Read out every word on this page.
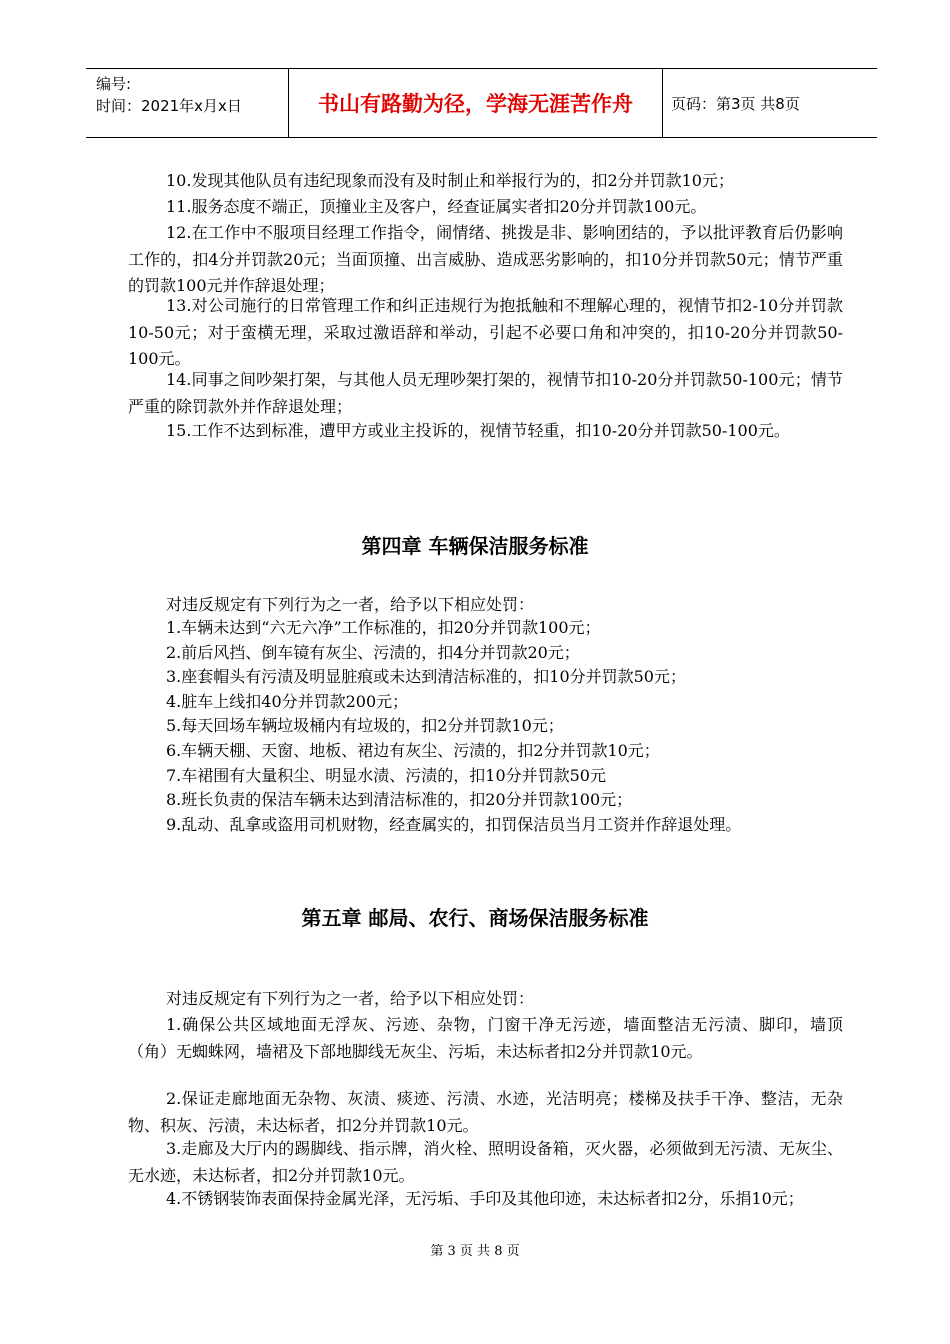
编号:
时间：2021年x月x日	书山有路勤为径，学海无涯苦作舟	页码：第3页 共8页

10.发现其他队员有违纪现象而没有及时制止和举报行为的，扣2分并罚款10元；

11.服务态度不端正，顶撞业主及客户，经查证属实者扣20分并罚款100元。

12.在工作中不服项目经理工作指令，闹情绪、挑拨是非、影响团结的，予以批评教育后仍影响工作的，扣4分并罚款20元；当面顶撞、出言威胁、造成恶劣影响的，扣10分并罚款50元；情节严重的罚款100元并作辞退处理；

13.对公司施行的日常管理工作和纠正违规行为抱抵触和不理解心理的，视情节扣2-10分并罚款10-50元；对于蛮横无理，采取过激语辞和举动，引起不必要口角和冲突的，扣10-20分并罚款50-100元。

14.同事之间吵架打架，与其他人员无理吵架打架的，视情节扣10-20分并罚款50-100元；情节严重的除罚款外并作辞退处理；

15.工作不达到标准，遭甲方或业主投诉的，视情节轻重，扣10-20分并罚款50-100元。

第四章 车辆保洁服务标准

对违反规定有下列行为之一者，给予以下相应处罚：

1.车辆未达到“六无六净”工作标准的，扣20分并罚款100元；
2.前后风挡、倒车镜有灰尘、污渍的，扣4分并罚款20元；
3.座套帽头有污渍及明显脏痕或未达到清洁标准的，扣10分并罚款50元；
4.脏车上线扣40分并罚款200元；
5.每天回场车辆垃圾桶内有垃圾的，扣2分并罚款10元；
6.车辆天棚、天窗、地板、裙边有灰尘、污渍的，扣2分并罚款10元；
7.车裙围有大量积尘、明显水渍、污渍的，扣10分并罚款50元
8.班长负责的保洁车辆未达到清洁标准的，扣20分并罚款100元；
9.乱动、乱拿或盗用司机财物，经查属实的，扣罚保洁员当月工资并作辞退处理。
第五章 邮局、农行、商场保洁服务标准

对违反规定有下列行为之一者，给予以下相应处罚：

1.确保公共区域地面无浮灰、污迹、杂物，门窗干净无污迹，墙面整洁无污渍、脚印，墙顶（角）无蜘蛛网，墙裙及下部地脚线无灰尘、污垢，未达标者扣2分并罚款10元。

2.保证走廊地面无杂物、灰渍、痰迹、污渍、水迹，光洁明亮；楼梯及扶手干净、整洁，无杂物、积灰、污渍，未达标者，扣2分并罚款10元。

3.走廊及大厅内的踢脚线、指示牌，消火栓、照明设备箱，灭火器，必须做到无污渍、无灰尘、无水迹，未达标者，扣2分并罚款10元。

4.不锈钢装饰表面保持金属光泽，无污垢、手印及其他印迹，未达标者扣2分，乐捐10元；

第 3 页 共 8 页
